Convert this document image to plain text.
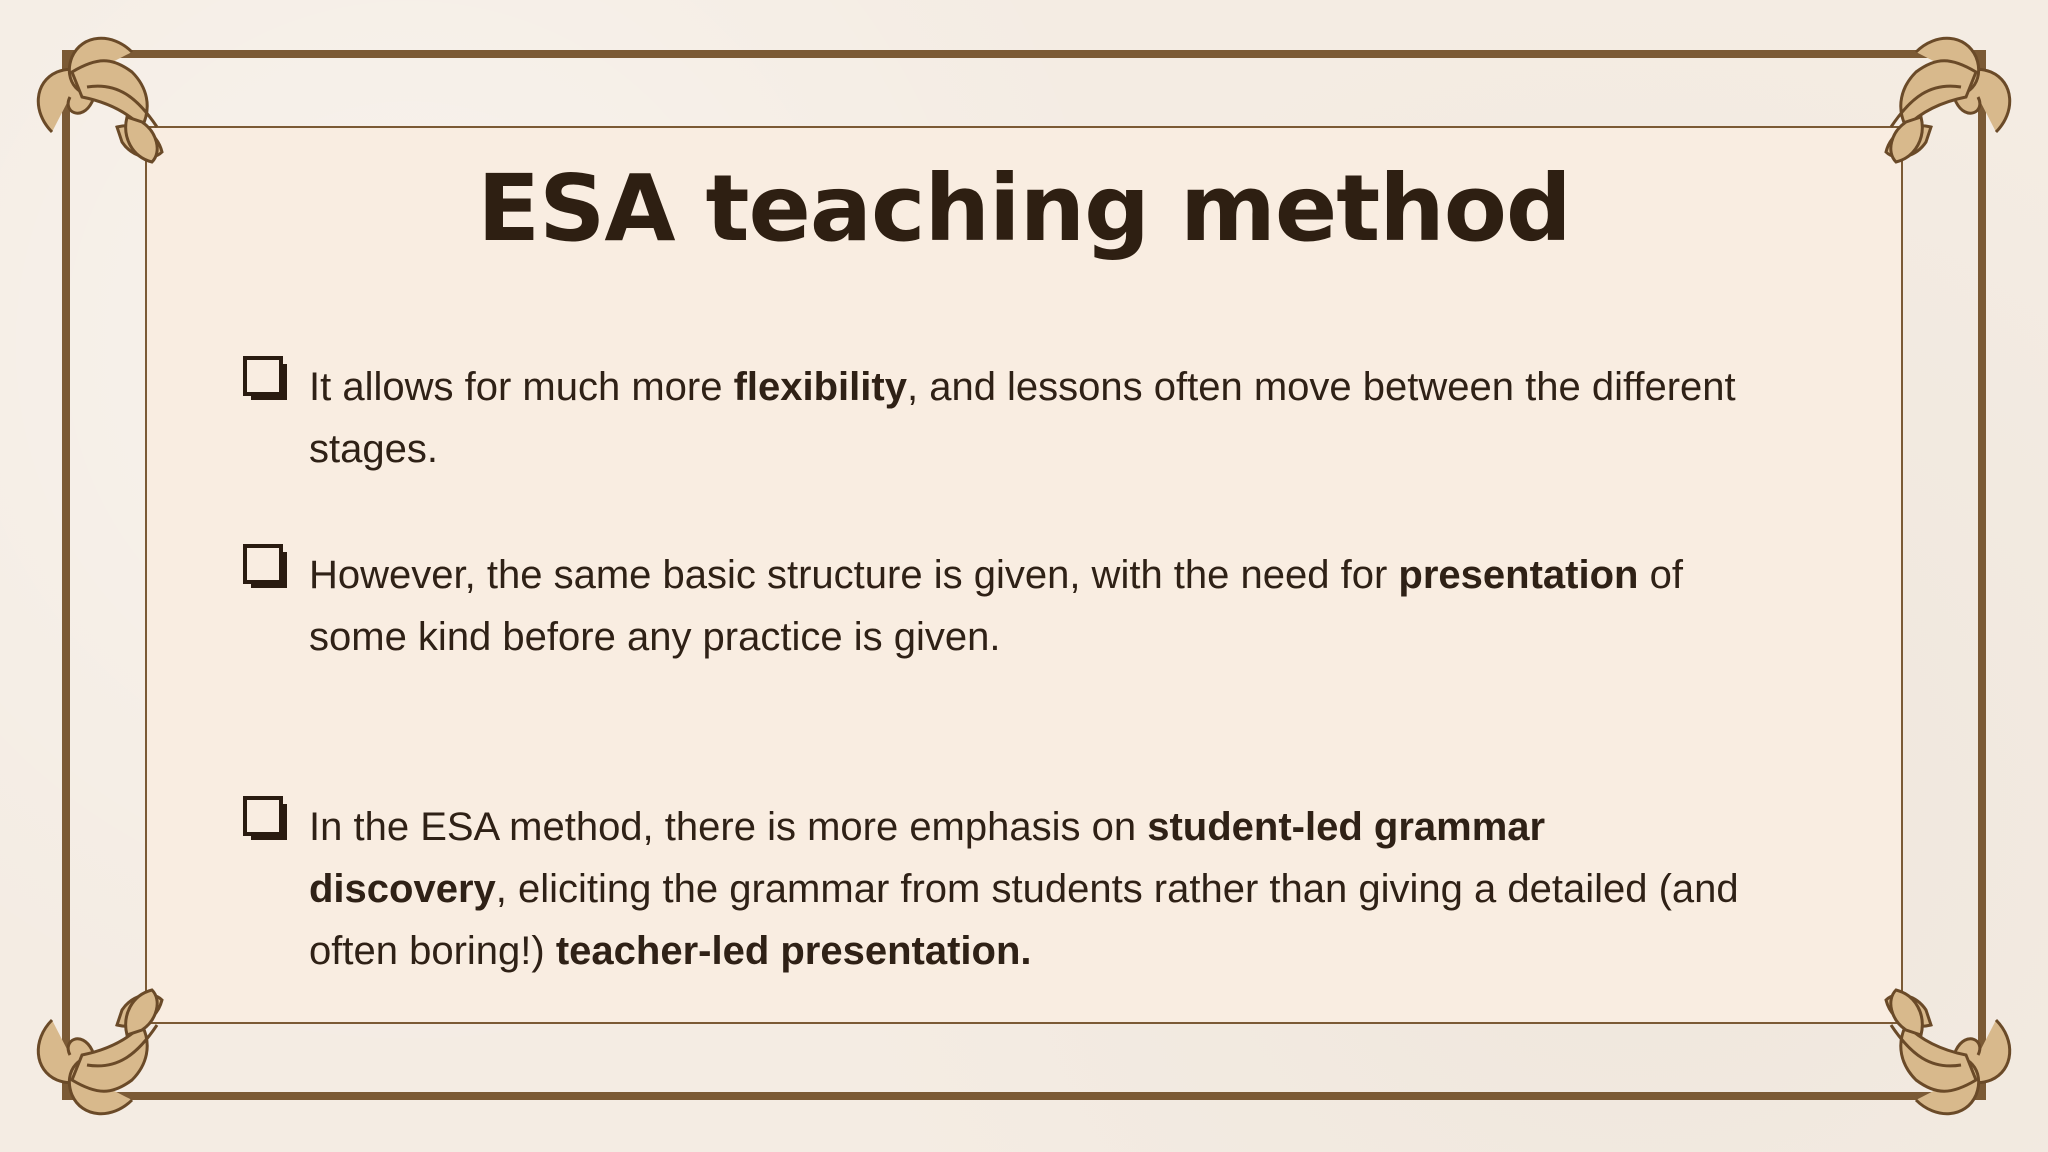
ESA teaching method
It allows for much more flexibility, and lessons often move between the different stages.
However, the same basic structure is given, with the need for presentation of some kind before any practice is given.
In the ESA method, there is more emphasis on student-led grammar discovery, eliciting the grammar from students rather than giving a detailed (and often boring!) teacher-led presentation.
